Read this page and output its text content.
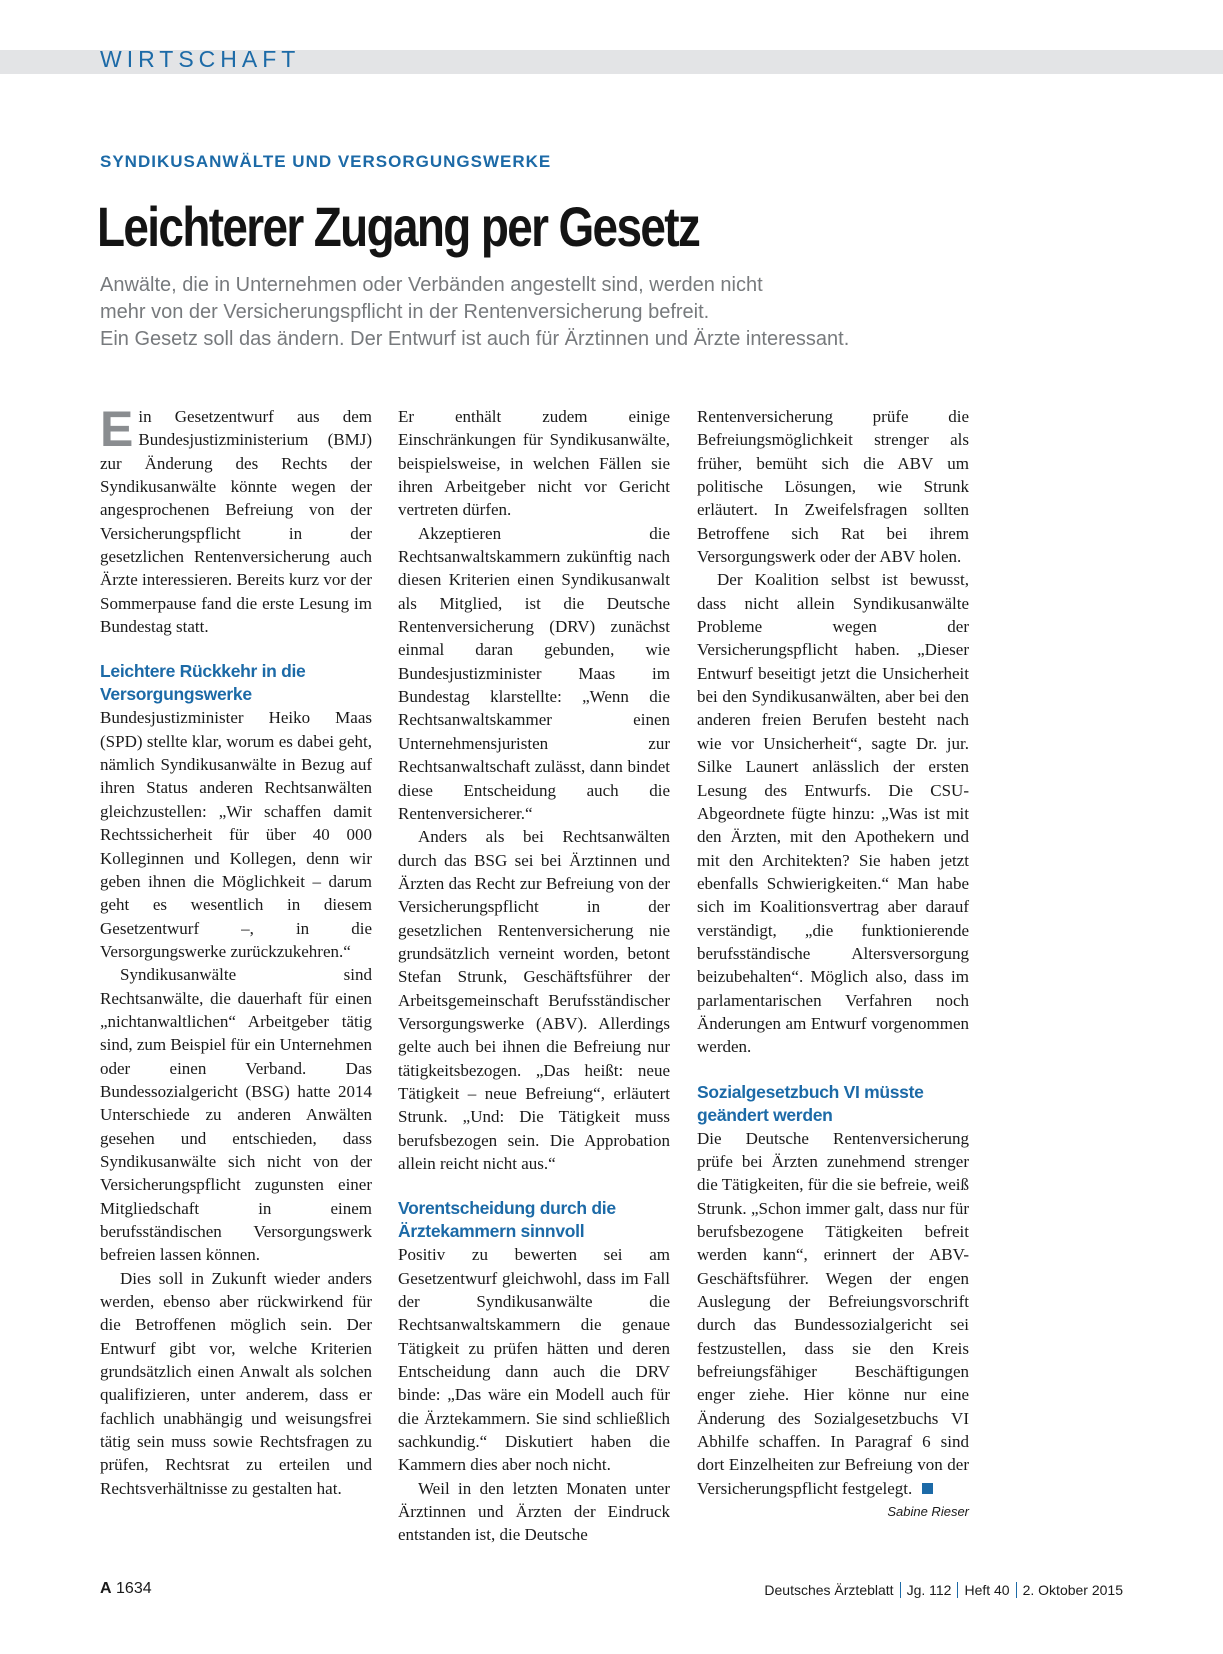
WIRTSCHAFT
SYNDIKUSANWÄLTE UND VERSORGUNGSWERKE
Leichterer Zugang per Gesetz

Anwälte, die in Unternehmen oder Verbänden angestellt sind, werden nicht
mehr von der Versicherungspflicht in der Rentenversicherung befreit.
Ein Gesetz soll das ändern. Der Entwurf ist auch für Ärztinnen und Ärzte interessant.

Ein Gesetzentwurf aus dem Bundesjustizministerium (BMJ) zur Änderung des Rechts der Syndikusanwälte könnte wegen der angesprochenen Befreiung von der Versicherungspflicht in der gesetzlichen Rentenversicherung auch Ärzte interessieren. Bereits kurz vor der Sommerpause fand die erste Lesung im Bundestag statt.

Leichtere Rückkehr in die Versorgungswerke

Bundesjustizminister Heiko Maas (SPD) stellte klar, worum es dabei geht, nämlich Syndikusanwälte in Bezug auf ihren Status anderen Rechtsanwälten gleichzustellen: „Wir schaffen damit Rechtssicherheit für über 40 000 Kolleginnen und Kollegen, denn wir geben ihnen die Möglichkeit – darum geht es wesentlich in diesem Gesetzentwurf –, in die Versorgungswerke zurückzukehren.“

Syndikusanwälte sind Rechtsanwälte, die dauerhaft für einen „nichtanwaltlichen“ Arbeitgeber tätig sind, zum Beispiel für ein Unternehmen oder einen Verband. Das Bundessozialgericht (BSG) hatte 2014 Unterschiede zu anderen Anwälten gesehen und entschieden, dass Syndikusanwälte sich nicht von der Versicherungspflicht zugunsten einer Mitgliedschaft in einem berufsständischen Versorgungswerk befreien lassen können.

Dies soll in Zukunft wieder anders werden, ebenso aber rückwirkend für die Betroffenen möglich sein. Der Entwurf gibt vor, welche Kriterien grundsätzlich einen Anwalt als solchen qualifizieren, unter anderem, dass er fachlich unabhängig und weisungsfrei tätig sein muss sowie Rechtsfragen zu prüfen, Rechtsrat zu erteilen und Rechtsverhältnisse zu gestalten hat.

Er enthält zudem einige Einschränkungen für Syndikusanwälte, beispielsweise, in welchen Fällen sie ihren Arbeitgeber nicht vor Gericht vertreten dürfen.

Akzeptieren die Rechtsanwaltskammern zukünftig nach diesen Kriterien einen Syndikusanwalt als Mitglied, ist die Deutsche Rentenversicherung (DRV) zunächst einmal daran gebunden, wie Bundesjustizminister Maas im Bundestag klarstellte: „Wenn die Rechtsanwaltskammer einen Unternehmensjuristen zur Rechtsanwaltschaft zulässt, dann bindet diese Entscheidung auch die Rentenversicherer.“

Anders als bei Rechtsanwälten durch das BSG sei bei Ärztinnen und Ärzten das Recht zur Befreiung von der Versicherungspflicht in der gesetzlichen Rentenversicherung nie grundsätzlich verneint worden, betont Stefan Strunk, Geschäftsführer der Arbeitsgemeinschaft Berufsständischer Versorgungswerke (ABV). Allerdings gelte auch bei ihnen die Befreiung nur tätigkeitsbezogen. „Das heißt: neue Tätigkeit – neue Befreiung“, erläutert Strunk. „Und: Die Tätigkeit muss berufsbezogen sein. Die Approbation allein reicht nicht aus.“

Vorentscheidung durch die Ärztekammern sinnvoll

Positiv zu bewerten sei am Gesetzentwurf gleichwohl, dass im Fall der Syndikusanwälte die Rechtsanwaltskammern die genaue Tätigkeit zu prüfen hätten und deren Entscheidung dann auch die DRV binde: „Das wäre ein Modell auch für die Ärztekammern. Sie sind schließlich sachkundig.“ Diskutiert haben die Kammern dies aber noch nicht.

Weil in den letzten Monaten unter Ärztinnen und Ärzten der Eindruck entstanden ist, die Deutsche

Rentenversicherung prüfe die Befreiungsmöglichkeit strenger als früher, bemüht sich die ABV um politische Lösungen, wie Strunk erläutert. In Zweifelsfragen sollten Betroffene sich Rat bei ihrem Versorgungswerk oder der ABV holen.

Der Koalition selbst ist bewusst, dass nicht allein Syndikusanwälte Probleme wegen der Versicherungspflicht haben. „Dieser Entwurf beseitigt jetzt die Unsicherheit bei den Syndikusanwälten, aber bei den anderen freien Berufen besteht nach wie vor Unsicherheit“, sagte Dr. jur. Silke Launert anlässlich der ersten Lesung des Entwurfs. Die CSU-Abgeordnete fügte hinzu: „Was ist mit den Ärzten, mit den Apothekern und mit den Architekten? Sie haben jetzt ebenfalls Schwierigkeiten.“ Man habe sich im Koalitionsvertrag aber darauf verständigt, „die funktionierende berufsständische Altersversorgung beizubehalten“. Möglich also, dass im parlamentarischen Verfahren noch Änderungen am Entwurf vorgenommen werden.

Sozialgesetzbuch VI müsste geändert werden

Die Deutsche Rentenversicherung prüfe bei Ärzten zunehmend strenger die Tätigkeiten, für die sie befreie, weiß Strunk. „Schon immer galt, dass nur für berufsbezogene Tätigkeiten befreit werden kann“, erinnert der ABV-Geschäftsführer. Wegen der engen Auslegung der Befreiungsvorschrift durch das Bundessozialgericht sei festzustellen, dass sie den Kreis befreiungsfähiger Beschäftigungen enger ziehe. Hier könne nur eine Änderung des Sozialgesetzbuchs VI Abhilfe schaffen. In Paragraf 6 sind dort Einzelheiten zur Befreiung von der Versicherungspflicht festgelegt.

Sabine Rieser
A 1634	Deutsches Ärzteblatt Jg. 112 Heft 40 2. Oktober 2015
